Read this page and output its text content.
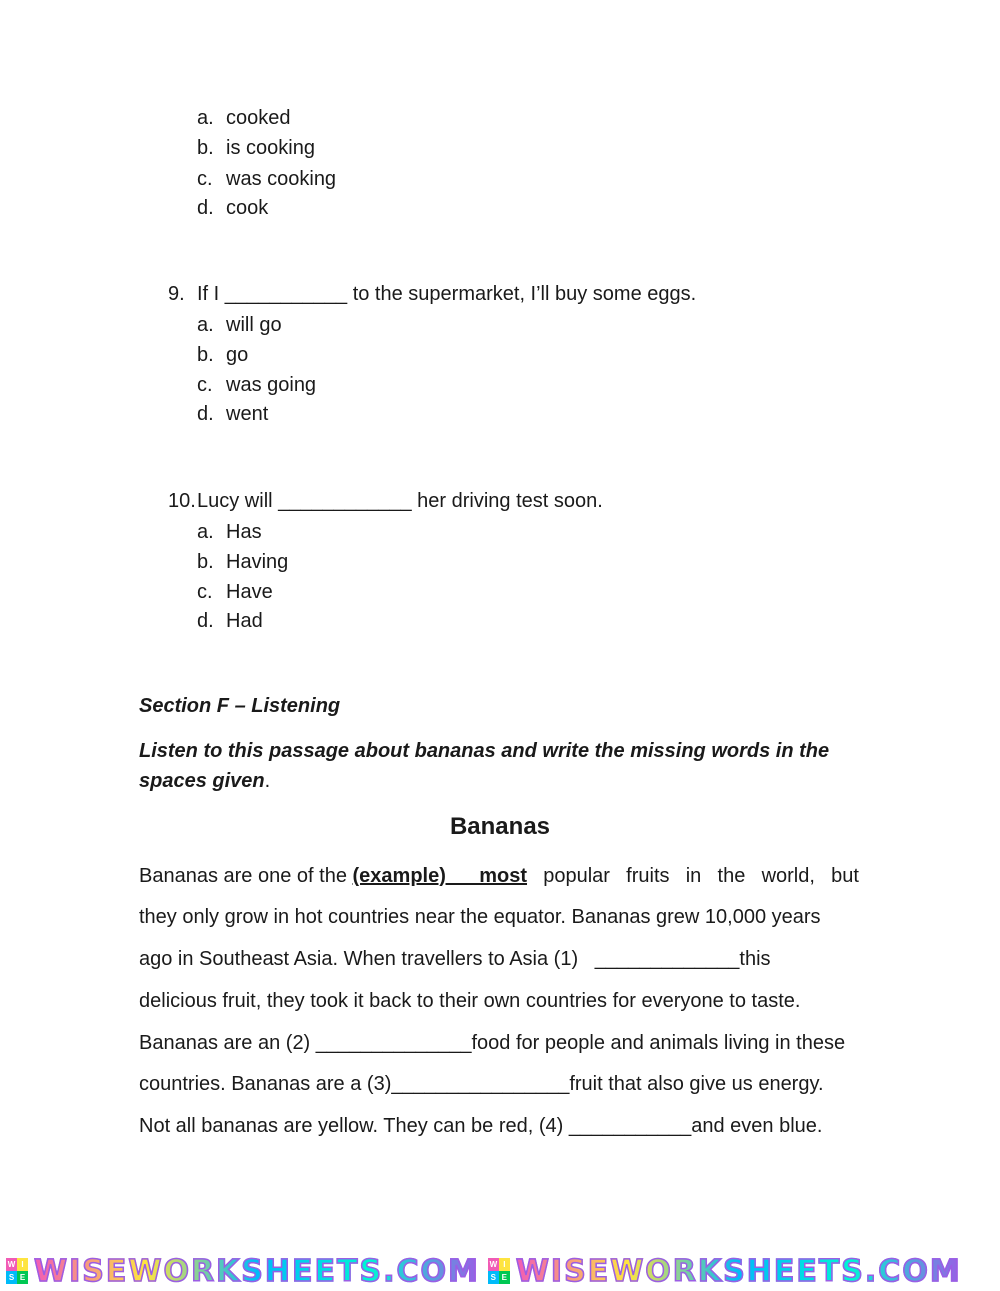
a. cooked
b. is cooking
c. was cooking
d. cook
9. If I ___________ to the supermarket, I’ll buy some eggs.
a. will go
b. go
c. was going
d. went
10. Lucy will ____________ her driving test soon.
a. Has
b. Having
c. Have
d. Had
Section F – Listening
Listen to this passage about bananas and write the missing words in the
spaces given.
Bananas
Bananas are one of the (example)      most popular fruits in the world, but
they only grow in hot countries near the equator. Bananas grew 10,000 years
ago in Southeast Asia. When travellers to Asia (1)   _____________this
delicious fruit, they took it back to their own countries for everyone to taste.
Bananas are an (2) ______________food for people and animals living in these
countries. Bananas are a (3)________________fruit that also give us energy.
Not all bananas are yellow. They can be red, (4) ___________and even blue.
W I
S E WISEWORKSHEETS.COM W I
S E WISEWORKSHEETS.COM
